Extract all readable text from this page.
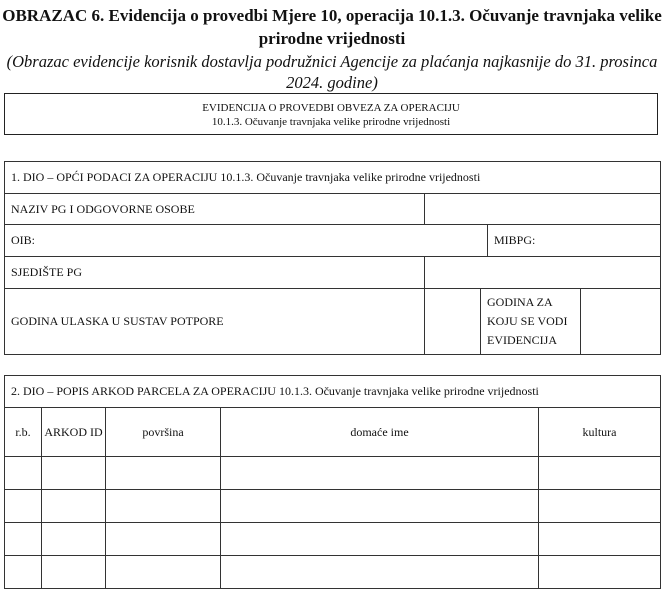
OBRAZAC 6. Evidencija o provedbi Mjere 10, operacija 10.1.3. Očuvanje travnjaka velike prirodne vrijednosti
(Obrazac evidencije korisnik dostavlja podružnici Agencije za plaćanja najkasnije do 31. prosinca 2024. godine)
EVIDENCIJA O PROVEDBI OBVEZA ZA OPERACIJU
10.1.3. Očuvanje travnjaka velike prirodne vrijednosti
1. DIO – OPĆI PODACI ZA OPERACIJU 10.1.3. Očuvanje travnjaka velike prirodne vrijednosti				
NAZIV PG I ODGOVORNE OSOBE				
OIB:			MIBPG:	
SJEDIŠTE PG				
GODINA ULASKA U SUSTAV POTPORE		GODINA ZA KOJU SE VODI EVIDENCIJA		
2. DIO – POPIS ARKOD PARCELA ZA OPERACIJU 10.1.3. Očuvanje travnjaka velike prirodne vrijednosti				
r.b.	ARKOD ID	površina	domaće ime	kultura
